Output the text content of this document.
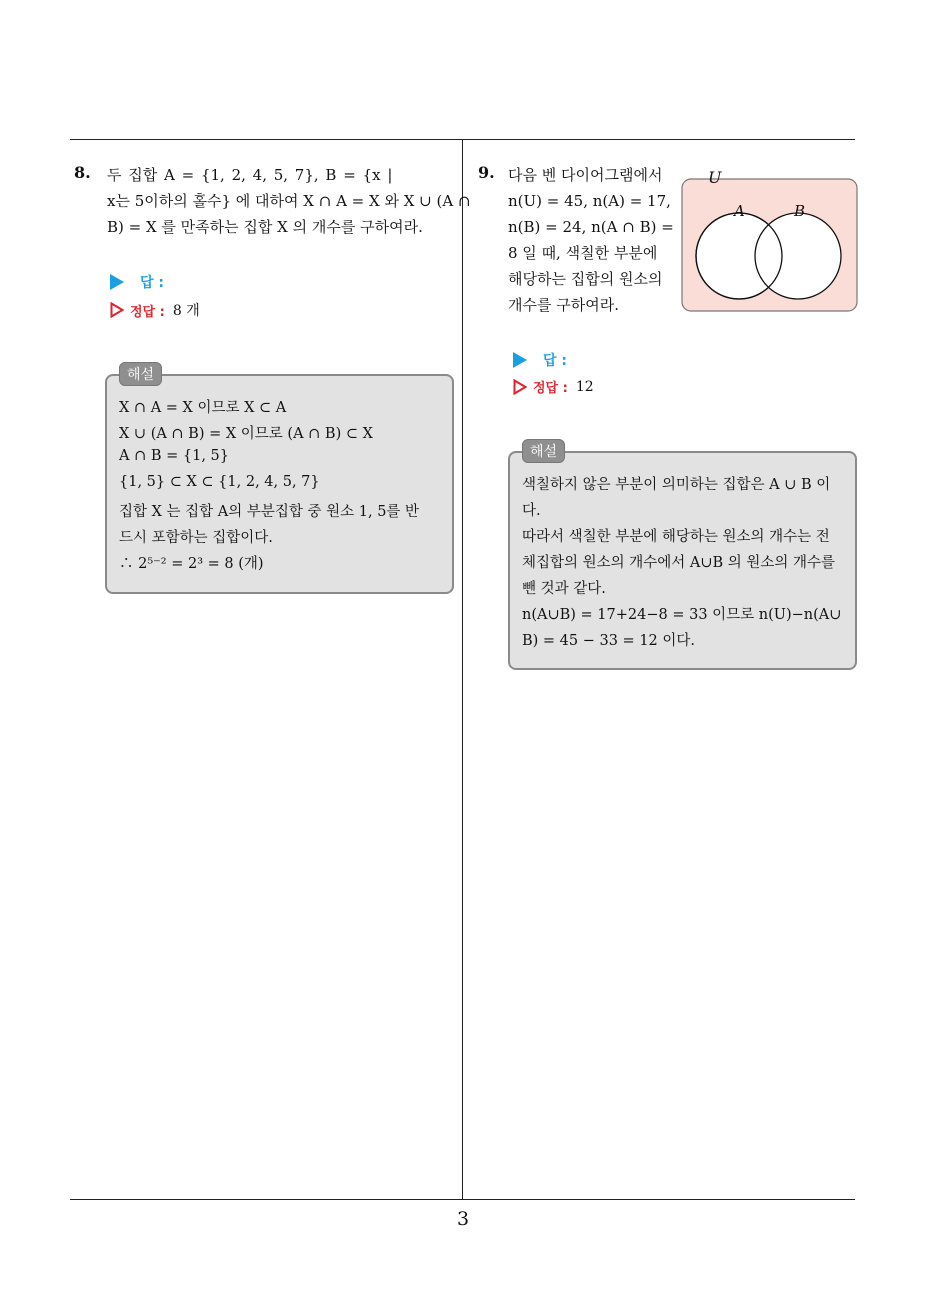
8. 두 집합 A = {1, 2, 4, 5, 7}, B = {x |
x는 5이하의 홀수} 에 대하여 X ∩ A = X 와 X ∪ (A ∩
B) = X 를 만족하는 집합 X 의 개수를 구하여라.
답 :
정답 : 8 개
X ∩ A = X 이므로 X ⊂ A
X ∪ (A ∩ B) = X 이므로 (A ∩ B) ⊂ X
A ∩ B = {1, 5}
{1, 5} ⊂ X ⊂ {1, 2, 4, 5, 7}
집합 X 는 집합 A의 부분집합 중 원소 1, 5를 반
드시 포함하는 집합이다.
∴ 2⁵⁻² = 2³ = 8 (개)
해설
9. 다음 벤 다이어그램에서
n(U) = 45, n(A) = 17,
n(B) = 24, n(A ∩ B) =
8 일 때, 색칠한 부분에
해당하는 집합의 원소의
개수를 구하여라.
U
A	B
답 :
정답 : 12
색칠하지 않은 부분이 의미하는 집합은 A ∪ B 이
다.
따라서 색칠한 부분에 해당하는 원소의 개수는 전
체집합의 원소의 개수에서 A∪B 의 원소의 개수를
뺀 것과 같다.
n(A∪B) = 17+24−8 = 33 이므로 n(U)−n(A∪
B) = 45 − 33 = 12 이다.
해설
3
